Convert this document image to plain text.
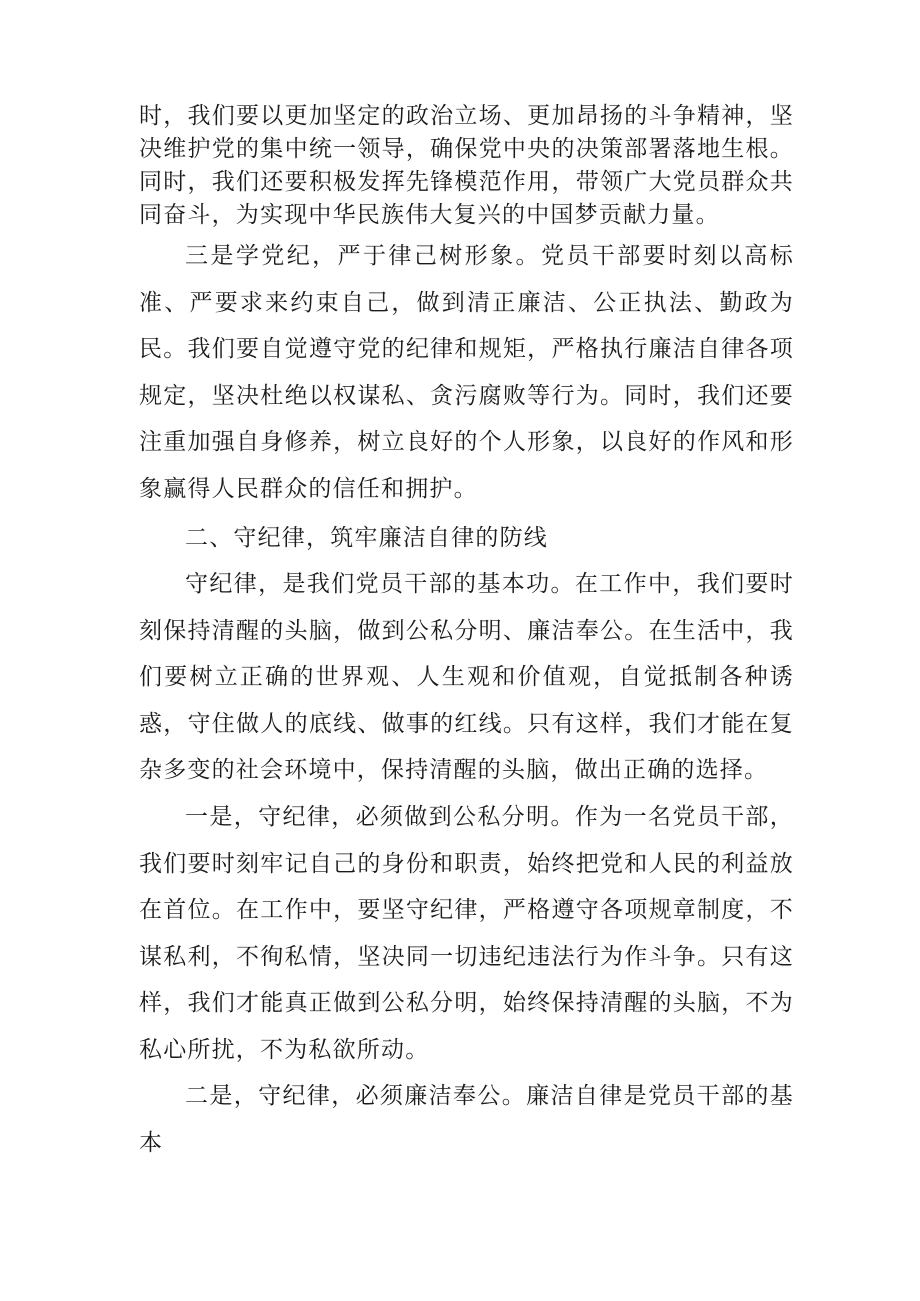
时，我们要以更加坚定的政治立场、更加昂扬的斗争精神，坚决维护党的集中统一领导，确保党中央的决策部署落地生根。同时，我们还要积极发挥先锋模范作用，带领广大党员群众共同奋斗，为实现中华民族伟大复兴的中国梦贡献力量。

三是学党纪，严于律己树形象。党员干部要时刻以高标准、严要求来约束自己，做到清正廉洁、公正执法、勤政为民。我们要自觉遵守党的纪律和规矩，严格执行廉洁自律各项规定，坚决杜绝以权谋私、贪污腐败等行为。同时，我们还要注重加强自身修养，树立良好的个人形象，以良好的作风和形象赢得人民群众的信任和拥护。

二、守纪律，筑牢廉洁自律的防线

守纪律，是我们党员干部的基本功。在工作中，我们要时刻保持清醒的头脑，做到公私分明、廉洁奉公。在生活中，我们要树立正确的世界观、人生观和价值观，自觉抵制各种诱惑，守住做人的底线、做事的红线。只有这样，我们才能在复杂多变的社会环境中，保持清醒的头脑，做出正确的选择。

一是，守纪律，必须做到公私分明。作为一名党员干部，我们要时刻牢记自己的身份和职责，始终把党和人民的利益放在首位。在工作中，要坚守纪律，严格遵守各项规章制度，不谋私利，不徇私情，坚决同一切违纪违法行为作斗争。只有这样，我们才能真正做到公私分明，始终保持清醒的头脑，不为私心所扰，不为私欲所动。

二是，守纪律，必须廉洁奉公。廉洁自律是党员干部的基本
